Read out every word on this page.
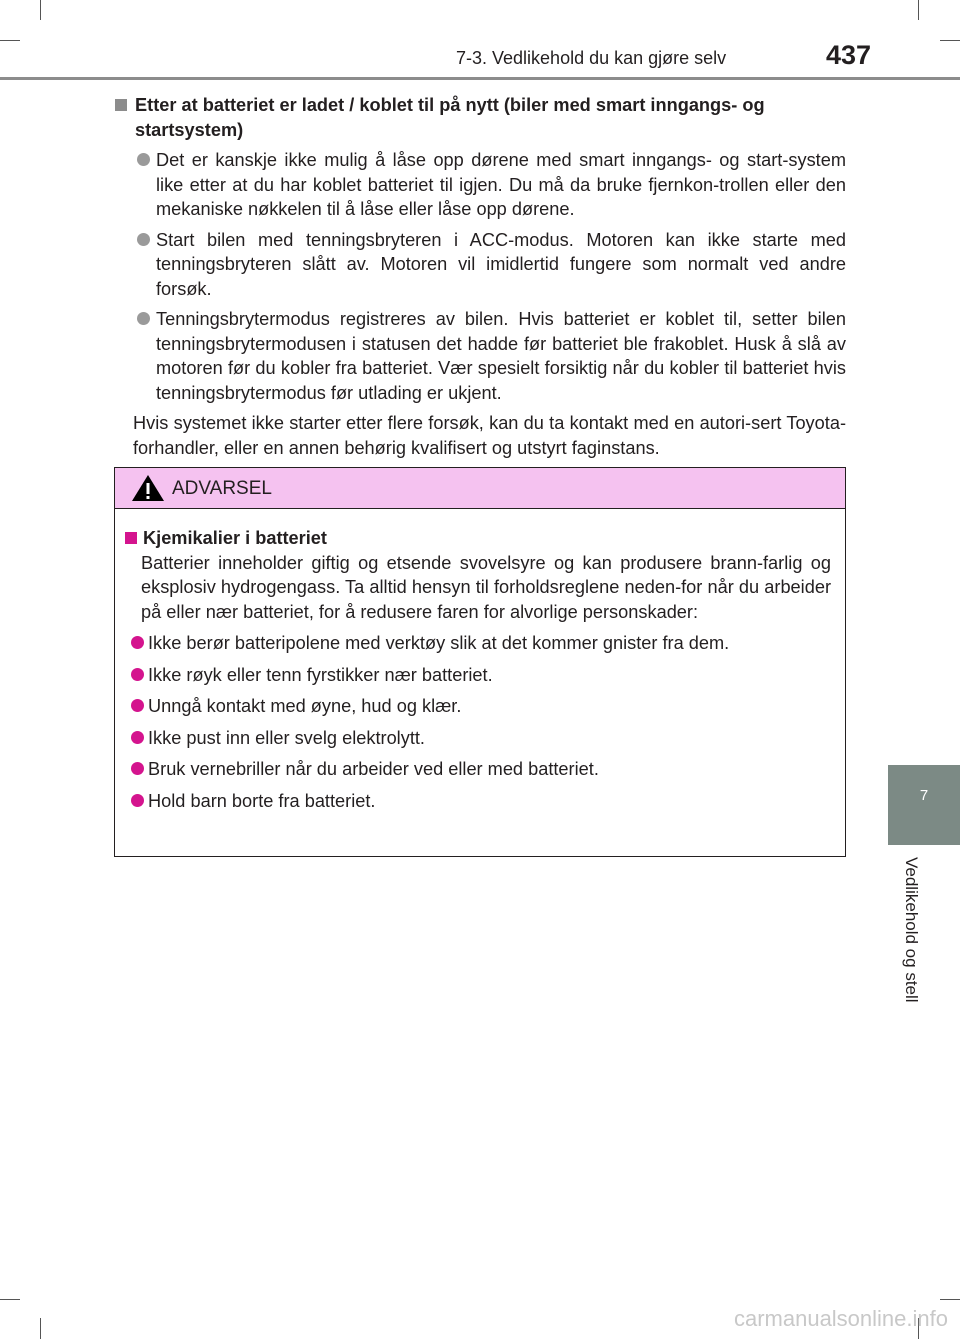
7-3. Vedlikehold du kan gjøre selv	437
7
Vedlikehold og stell
Etter at batteriet er ladet / koblet til på nytt (biler med smart inngangs- og startsystem)
Det er kanskje ikke mulig å låse opp dørene med smart inngangs- og start-system like etter at du har koblet batteriet til igjen. Du må da bruke fjernkon-trollen eller den mekaniske nøkkelen til å låse eller låse opp dørene.
Start bilen med tenningsbryteren i ACC-modus. Motoren kan ikke starte med tenningsbryteren slått av. Motoren vil imidlertid fungere som normalt ved andre forsøk.
Tenningsbrytermodus registreres av bilen. Hvis batteriet er koblet til, setter bilen tenningsbrytermodusen i statusen det hadde før batteriet ble frakoblet. Husk å slå av motoren før du kobler fra batteriet. Vær spesielt forsiktig når du kobler til batteriet hvis tenningsbrytermodus før utlading er ukjent.

Hvis systemet ikke starter etter flere forsøk, kan du ta kontakt med en autori-sert Toyota-forhandler, eller en annen behørig kvalifisert og utstyrt faginstans.

ADVARSEL
Kjemikalier i batteriet
Batterier inneholder giftig og etsende svovelsyre og kan produsere brann-farlig og eksplosiv hydrogengass. Ta alltid hensyn til forholdsreglene neden-for når du arbeider på eller nær batteriet, for å redusere faren for alvorlige personskader:
Ikke berør batteripolene med verktøy slik at det kommer gnister fra dem.
Ikke røyk eller tenn fyrstikker nær batteriet.
Unngå kontakt med øyne, hud og klær.
Ikke pust inn eller svelg elektrolytt.
Bruk vernebriller når du arbeider ved eller med batteriet.
Hold barn borte fra batteriet.
carmanualsonline.info
